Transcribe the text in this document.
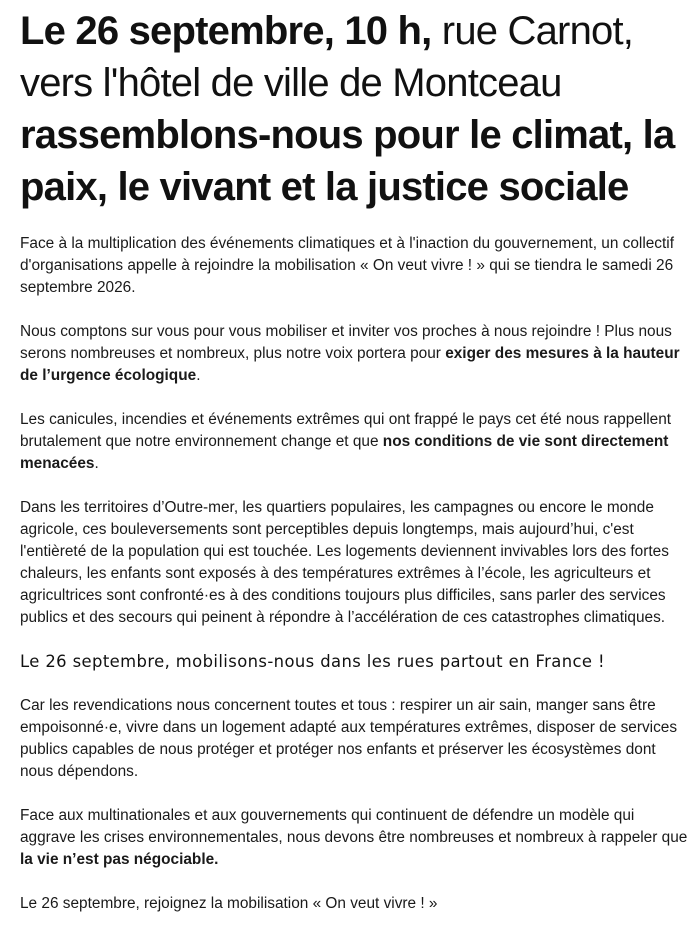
Le 26 septembre, 10 h, rue Carnot,
vers l'hôtel de ville de Montceau
rassemblons-nous pour le climat, la
paix, le vivant et la justice sociale

Face à la multiplication des événements climatiques et à l'inaction du gouvernement, un collectif d'organisations appelle à rejoindre la mobilisation « On veut vivre ! » qui se tiendra le samedi 26 septembre 2026.

Nous comptons sur vous pour vous mobiliser et inviter vos proches à nous rejoindre ! Plus nous serons nombreuses et nombreux, plus notre voix portera pour exiger des mesures à la hauteur de l’urgence écologique.

Les canicules, incendies et événements extrêmes qui ont frappé le pays cet été nous rappellent brutalement que notre environnement change et que nos conditions de vie sont directement menacées.

Dans les territoires d’Outre-mer, les quartiers populaires, les campagnes ou encore le monde agricole, ces bouleversements sont perceptibles depuis longtemps, mais aujourd’hui, c'est l'entièreté de la population qui est touchée. Les logements deviennent invivables lors des fortes chaleurs, les enfants sont exposés à des températures extrêmes à l’école, les agriculteurs et agricultrices sont confronté·es à des conditions toujours plus difficiles, sans parler des services publics et des secours qui peinent à répondre à l’accélération de ces catastrophes climatiques.

Le 26 septembre, mobilisons-nous dans les rues partout en France !

Car les revendications nous concernent toutes et tous : respirer un air sain, manger sans être empoisonné·e, vivre dans un logement adapté aux températures extrêmes, disposer de services publics capables de nous protéger et protéger nos enfants et préserver les écosystèmes dont nous dépendons.

Face aux multinationales et aux gouvernements qui continuent de défendre un modèle qui aggrave les crises environnementales, nous devons être nombreuses et nombreux à rappeler que la vie n’est pas négociable.

Le 26 septembre, rejoignez la mobilisation « On veut vivre ! »
